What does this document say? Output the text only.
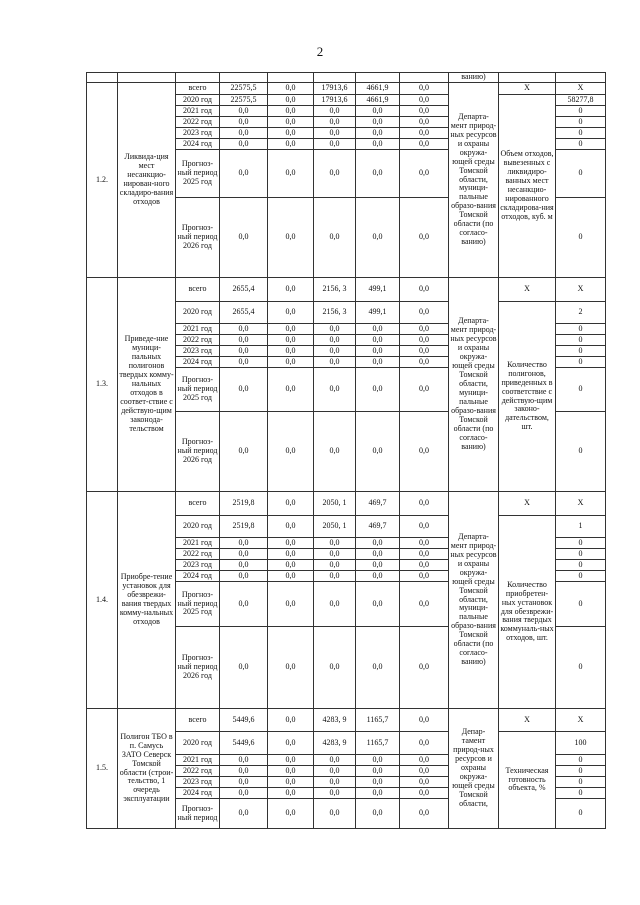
2
								ванию)		
1.2.	Ликвида-ция мест несанкцио-нирован-ного складиро-вания отходов	всего	22575,5	0,0	17913,6	4661,9	0,0	Департа-мент природ-ных ресурсов и охраны окружа-ющей среды Томской области, муници-пальные образо-вания Томской области (по согласо-ванию)	Х	Х
		2020 год	22575,5	0,0	17913,6	4661,9	0,0		Объем отходов, вывезенных с ликвидиро-ванных мест несанкцио-нированного складирова-ния отходов, куб. м	58277,8
		2021 год	0,0	0,0	0,0	0,0	0,0			0
		2022 год	0,0	0,0	0,0	0,0	0,0			0
		2023 год	0,0	0,0	0,0	0,0	0,0			0
		2024 год	0,0	0,0	0,0	0,0	0,0			0
		Прогноз-ный период 2025 год	0,0	0,0	0,0	0,0	0,0			0
		Прогноз-ный период 2026 год	0,0	0,0	0,0	0,0	0,0			0
1.3.	Приведе-ние муници-пальных полигонов твердых комму-нальных отходов в соответ-ствие с действую-щим законода-тельством	всего	2655,4	0,0	2156, 3	499,1	0,0	Департа-мент природ-ных ресурсов и охраны окружа-ющей среды Томской области, муници-пальные образо-вания Томской области (по согласо-ванию)	Х	Х
		2020 год	2655,4	0,0	2156, 3	499,1	0,0		Количество полигонов, приведенных в соответствие с действую-щим законо-дательством, шт.	2
		2021 год	0,0	0,0	0,0	0,0	0,0			0
		2022 год	0,0	0,0	0,0	0,0	0,0			0
		2023 год	0,0	0,0	0,0	0,0	0,0			0
		2024 год	0,0	0,0	0,0	0,0	0,0			0
		Прогноз-ный период 2025 год	0,0	0,0	0,0	0,0	0,0			0
		Прогноз-ный период 2026 год	0,0	0,0	0,0	0,0	0,0			0
1.4.	Приобре-тение установок для обезврежи-вания твердых комму-нальных отходов	всего	2519,8	0,0	2050, 1	469,7	0,0	Департа-мент природ-ных ресурсов и охраны окружа-ющей среды Томской области, муници-пальные образо-вания Томской области (по согласо-ванию)	Х	Х
		2020 год	2519,8	0,0	2050, 1	469,7	0,0		Количество приобретен-ных установок для обезврежи-вания твердых коммуналь-ных отходов, шт.	1
		2021 год	0,0	0,0	0,0	0,0	0,0			0
		2022 год	0,0	0,0	0,0	0,0	0,0			0
		2023 год	0,0	0,0	0,0	0,0	0,0			0
		2024 год	0,0	0,0	0,0	0,0	0,0			0
		Прогноз-ный период 2025 год	0,0	0,0	0,0	0,0	0,0			0
		Прогноз-ный период 2026 год	0,0	0,0	0,0	0,0	0,0			0
1.5.	Полигон ТБО в п. Самусь ЗАТО Северск Томской области (строи-тельство, 1 очередь эксплуатации	всего	5449,6	0,0	4283, 9	1165,7	0,0	Депар-тамент природ-ных ресурсов и охраны окружа-ющей среды Томской области,	Х	Х
		2020 год	5449,6	0,0	4283, 9	1165,7	0,0		Техническая готовность объекта, %	100
		2021 год	0,0	0,0	0,0	0,0	0,0			0
		2022 год	0,0	0,0	0,0	0,0	0,0			0
		2023 год	0,0	0,0	0,0	0,0	0,0			0
		2024 год	0,0	0,0	0,0	0,0	0,0			0
		Прогноз-ный период	0,0	0,0	0,0	0,0	0,0			0
